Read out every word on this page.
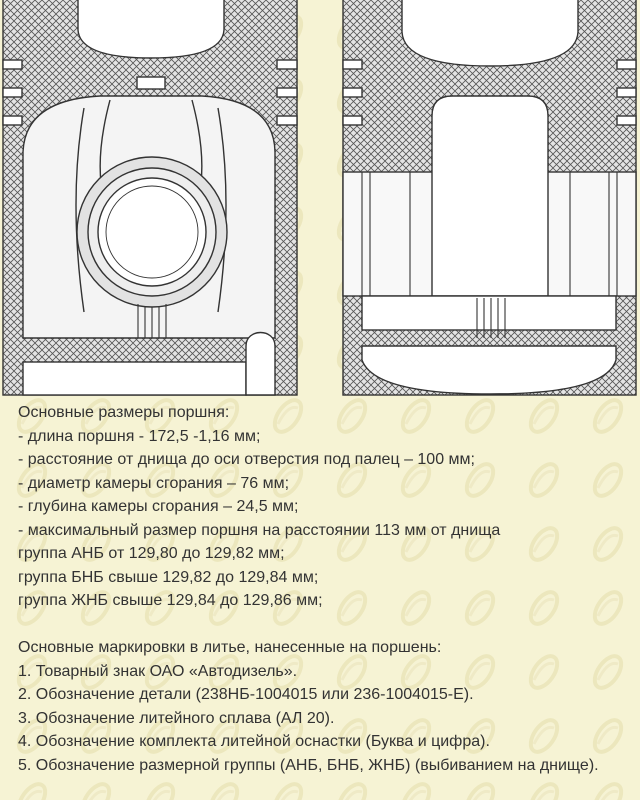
Основные размеры поршня:
- длина поршня - 172,5 -1,16 мм;
- расстояние от днища до оси отверстия под палец – 100 мм;
- диаметр камеры сгорания – 76 мм;
- глубина камеры сгорания – 24,5 мм;
- максимальный размер поршня на расстоянии 113 мм от днища
группа АНБ от 129,80 до 129,82 мм;
группа БНБ свыше 129,82 до 129,84 мм;
группа ЖНБ свыше 129,84 до 129,86 мм;
Основные маркировки в литье, нанесенные на поршень:
1. Товарный знак ОАО «Автодизель».
2. Обозначение детали (238НБ-1004015 или 236-1004015-Е).
3. Обозначение литейного сплава (АЛ 20).
4. Обозначение комплекта литейной оснастки (Буква и цифра).
5. Обозначение размерной группы (АНБ, БНБ, ЖНБ) (выбиванием на днище).
